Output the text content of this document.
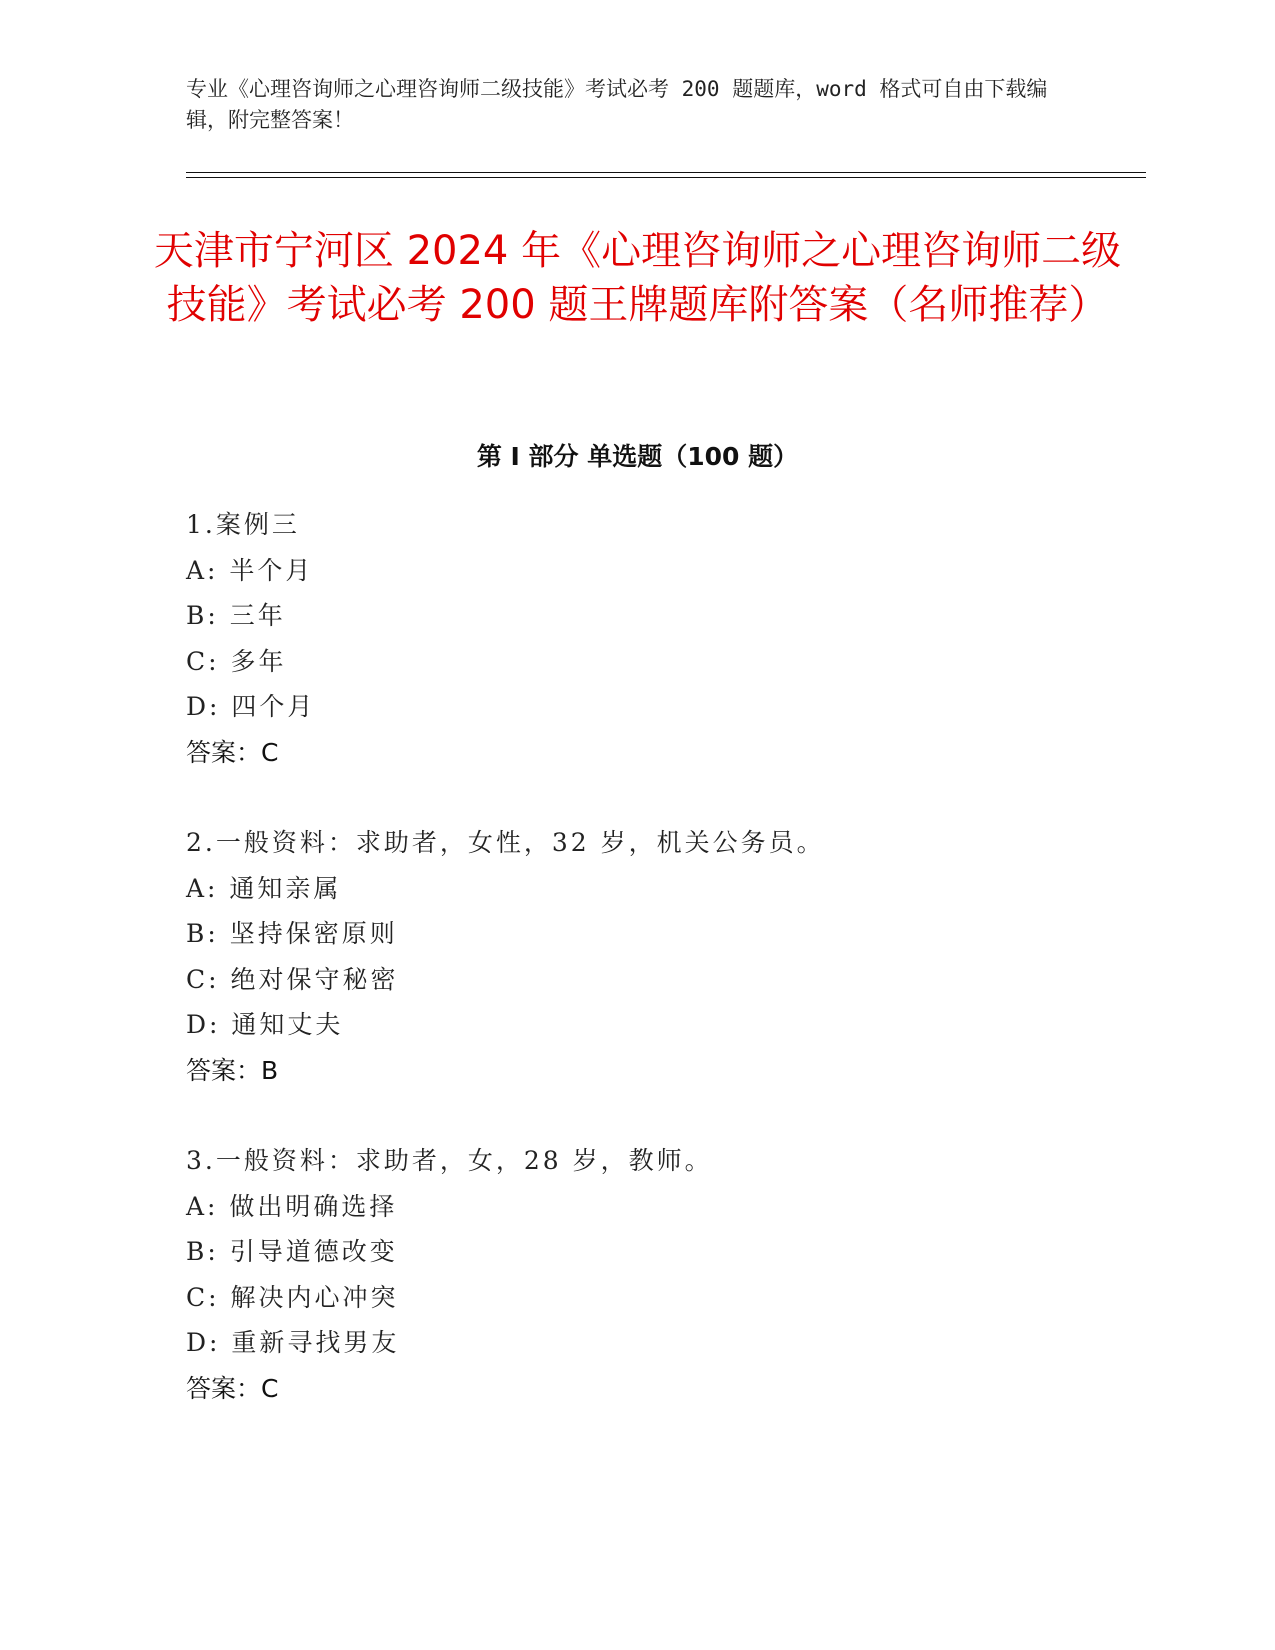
专业《心理咨询师之心理咨询师二级技能》考试必考 200 题题库，word 格式可自由下载编辑，附完整答案！

天津市宁河区 2024 年《心理咨询师之心理咨询师二级技能》考试必考 200 题王牌题库附答案（名师推荐）
第 I 部分 单选题（100 题）
1.案例三
A: 半个月
B: 三年
C: 多年
D: 四个月
答案：C
2.一般资料：求助者，女性，32 岁，机关公务员。
A: 通知亲属
B: 坚持保密原则
C: 绝对保守秘密
D: 通知丈夫
答案：B
3.一般资料：求助者，女，28 岁，教师。
A: 做出明确选择
B: 引导道德改变
C: 解决内心冲突
D: 重新寻找男友
答案：C
